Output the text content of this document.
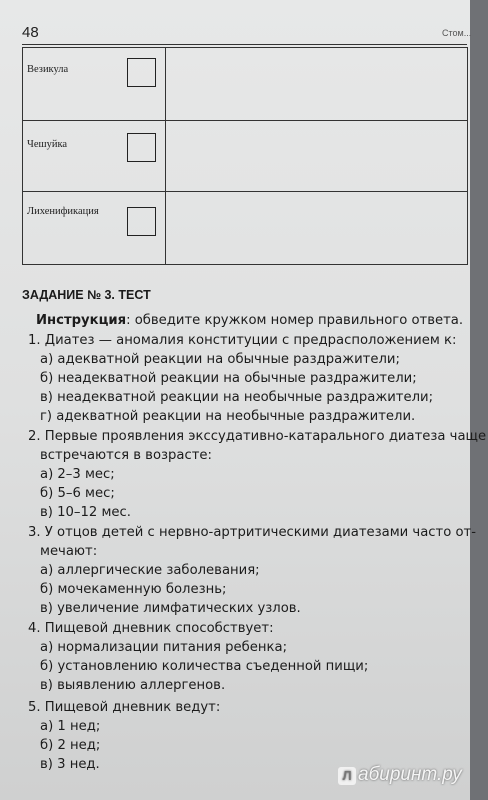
48	Стом...
Везикула	

Чешуйка	

Лихенификация	

ЗАДАНИЕ № 3. ТЕСТ
Инструкция: обведите кружком номер правильного ответа.
1. Диатез — аномалия конституции с предрасположением к:
а) адекватной реакции на обычные раздражители;
б) неадекватной реакции на обычные раздражители;
в) неадекватной реакции на необычные раздражители;
г) адекватной реакции на необычные раздражители.
2. Первые проявления экссудативно-катарального диатеза чаще
встречаются в возрасте:
а) 2–3 мес;
б) 5–6 мес;
в) 10–12 мес.
3. У отцов детей с нервно-артритическими диатезами часто от-
мечают:
а) аллергические заболевания;
б) мочекаменную болезнь;
в) увеличение лимфатических узлов.
4. Пищевой дневник способствует:
а) нормализации питания ребенка;
б) установлению количества съеденной пищи;
в) выявлению аллергенов.
5. Пищевой дневник ведут:
а) 1 нед;
б) 2 нед;
в) 3 нед.
Л абиринт.ру
